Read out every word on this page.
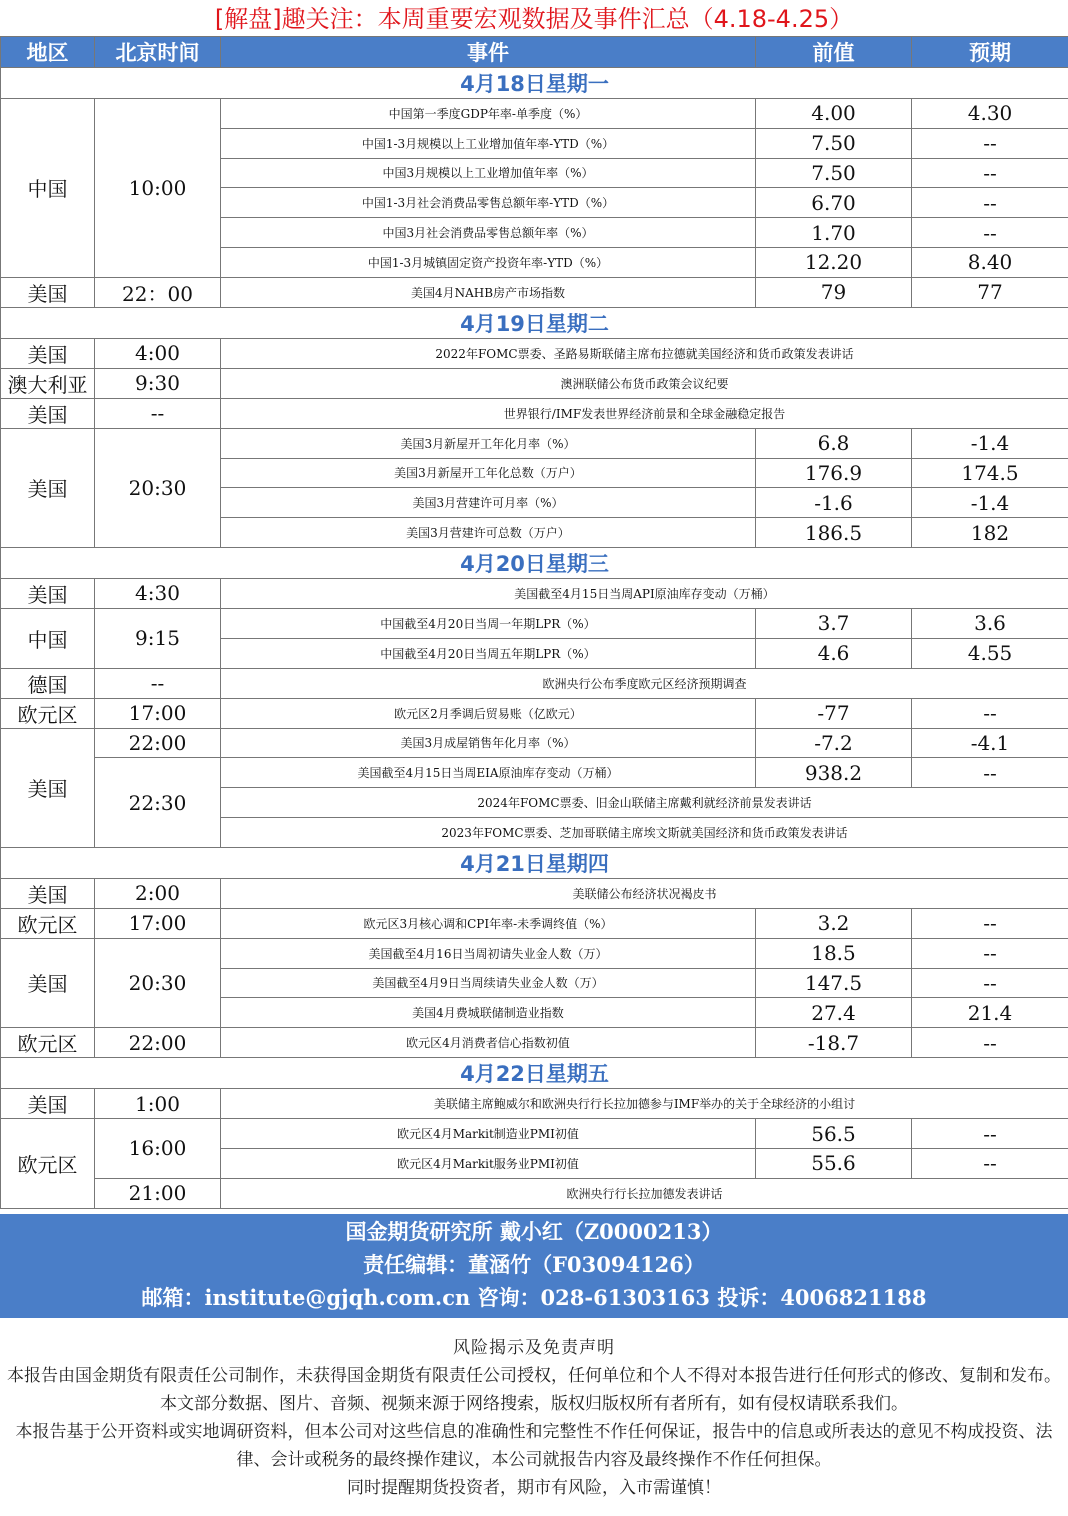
[解盘]趣关注：本周重要宏观数据及事件汇总（4.18-4.25）
地区	北京时间	事件	前值	预期
4月18日星期一				
中国	10:00	中国第一季度GDP年率-单季度（%）	4.00	4.30
		中国1-3月规模以上工业增加值年率-YTD（%）	7.50	--
		中国3月规模以上工业增加值年率（%）	7.50	--
		中国1-3月社会消费品零售总额年率-YTD（%）	6.70	--
		中国3月社会消费品零售总额年率（%）	1.70	--
		中国1-3月城镇固定资产投资年率-YTD（%）	12.20	8.40
美国	22：00	美国4月NAHB房产市场指数	79	77
4月19日星期二				
美国	4:00	2022年FOMC票委、圣路易斯联储主席布拉德就美国经济和货币政策发表讲话		
澳大利亚	9:30	澳洲联储公布货币政策会议纪要		
美国	--	世界银行/IMF发表世界经济前景和全球金融稳定报告		
美国	20:30	美国3月新屋开工年化月率（%）	6.8	-1.4
		美国3月新屋开工年化总数（万户）	176.9	174.5
		美国3月营建许可月率（%）	-1.6	-1.4
		美国3月营建许可总数（万户）	186.5	182
4月20日星期三				
美国	4:30	美国截至4月15日当周API原油库存变动（万桶）		
中国	9:15	中国截至4月20日当周一年期LPR（%）	3.7	3.6
		中国截至4月20日当周五年期LPR（%）	4.6	4.55
德国	--	欧洲央行公布季度欧元区经济预期调查		
欧元区	17:00	欧元区2月季调后贸易账（亿欧元）	-77	--
美国	22:00	美国3月成屋销售年化月率（%）	-7.2	-4.1
	22:30	美国截至4月15日当周EIA原油库存变动（万桶）	938.2	--
		2024年FOMC票委、旧金山联储主席戴利就经济前景发表讲话		
		2023年FOMC票委、芝加哥联储主席埃文斯就美国经济和货币政策发表讲话		
4月21日星期四				
美国	2:00	美联储公布经济状况褐皮书		
欧元区	17:00	欧元区3月核心调和CPI年率-未季调终值（%）	3.2	--
美国	20:30	美国截至4月16日当周初请失业金人数（万）	18.5	--
		美国截至4月9日当周续请失业金人数（万）	147.5	--
		美国4月费城联储制造业指数	27.4	21.4
欧元区	22:00	欧元区4月消费者信心指数初值	-18.7	--
4月22日星期五				
美国	1:00	美联储主席鲍威尔和欧洲央行行长拉加德参与IMF举办的关于全球经济的小组讨		
欧元区	16:00	欧元区4月Markit制造业PMI初值	56.5	--
		欧元区4月Markit服务业PMI初值	55.6	--
	21:00	欧洲央行行长拉加德发表讲话		
国金期货研究所 戴小红（Z0000213）
责任编辑：董涵竹（F03094126）
邮箱：institute@gjqh.com.cn 咨询：028-61303163 投诉：4006821188

风险揭示及免责声明

本报告由国金期货有限责任公司制作，未获得国金期货有限责任公司授权，任何单位和个人不得对本报告进行任何形式的修改、复制和发布。本文部分数据、图片、音频、视频来源于网络搜索，版权归版权所有者所有，如有侵权请联系我们。

本报告基于公开资料或实地调研资料，但本公司对这些信息的准确性和完整性不作任何保证，报告中的信息或所表达的意见不构成投资、法律、会计或税务的最终操作建议，本公司就报告内容及最终操作不作任何担保。

同时提醒期货投资者，期市有风险，入市需谨慎！
